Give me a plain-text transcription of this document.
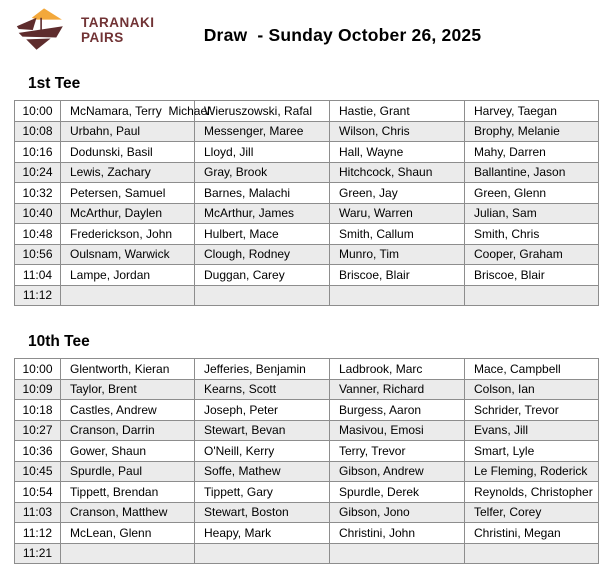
TARANAKI
PAIRS	Draw  - Sunday October 26, 2025
1st Tee
10:00	McNamara, Terry  Michael	Wieruszowski, Rafal	Hastie, Grant	Harvey, Taegan
10:08	Urbahn, Paul	Messenger, Maree	Wilson, Chris	Brophy, Melanie
10:16	Dodunski, Basil	Lloyd, Jill	Hall, Wayne	Mahy, Darren
10:24	Lewis, Zachary	Gray, Brook	Hitchcock, Shaun	Ballantine, Jason
10:32	Petersen, Samuel	Barnes, Malachi	Green, Jay	Green, Glenn
10:40	McArthur, Daylen	McArthur, James	Waru, Warren	Julian, Sam
10:48	Frederickson, John	Hulbert, Mace	Smith, Callum	Smith, Chris
10:56	Oulsnam, Warwick	Clough, Rodney	Munro, Tim	Cooper, Graham
11:04	Lampe, Jordan	Duggan, Carey	Briscoe, Blair	Briscoe, Blair
11:12				
10th Tee
10:00	Glentworth, Kieran	Jefferies, Benjamin	Ladbrook, Marc	Mace, Campbell
10:09	Taylor, Brent	Kearns, Scott	Vanner, Richard	Colson, Ian
10:18	Castles, Andrew	Joseph, Peter	Burgess, Aaron	Schrider, Trevor
10:27	Cranson, Darrin	Stewart, Bevan	Masivou, Emosi	Evans, Jill
10:36	Gower, Shaun	O'Neill, Kerry	Terry, Trevor	Smart, Lyle
10:45	Spurdle, Paul	Soffe, Mathew	Gibson, Andrew	Le Fleming, Roderick
10:54	Tippett, Brendan	Tippett, Gary	Spurdle, Derek	Reynolds, Christopher
11:03	Cranson, Matthew	Stewart, Boston	Gibson, Jono	Telfer, Corey
11:12	McLean, Glenn	Heapy, Mark	Christini, John	Christini, Megan
11:21				
